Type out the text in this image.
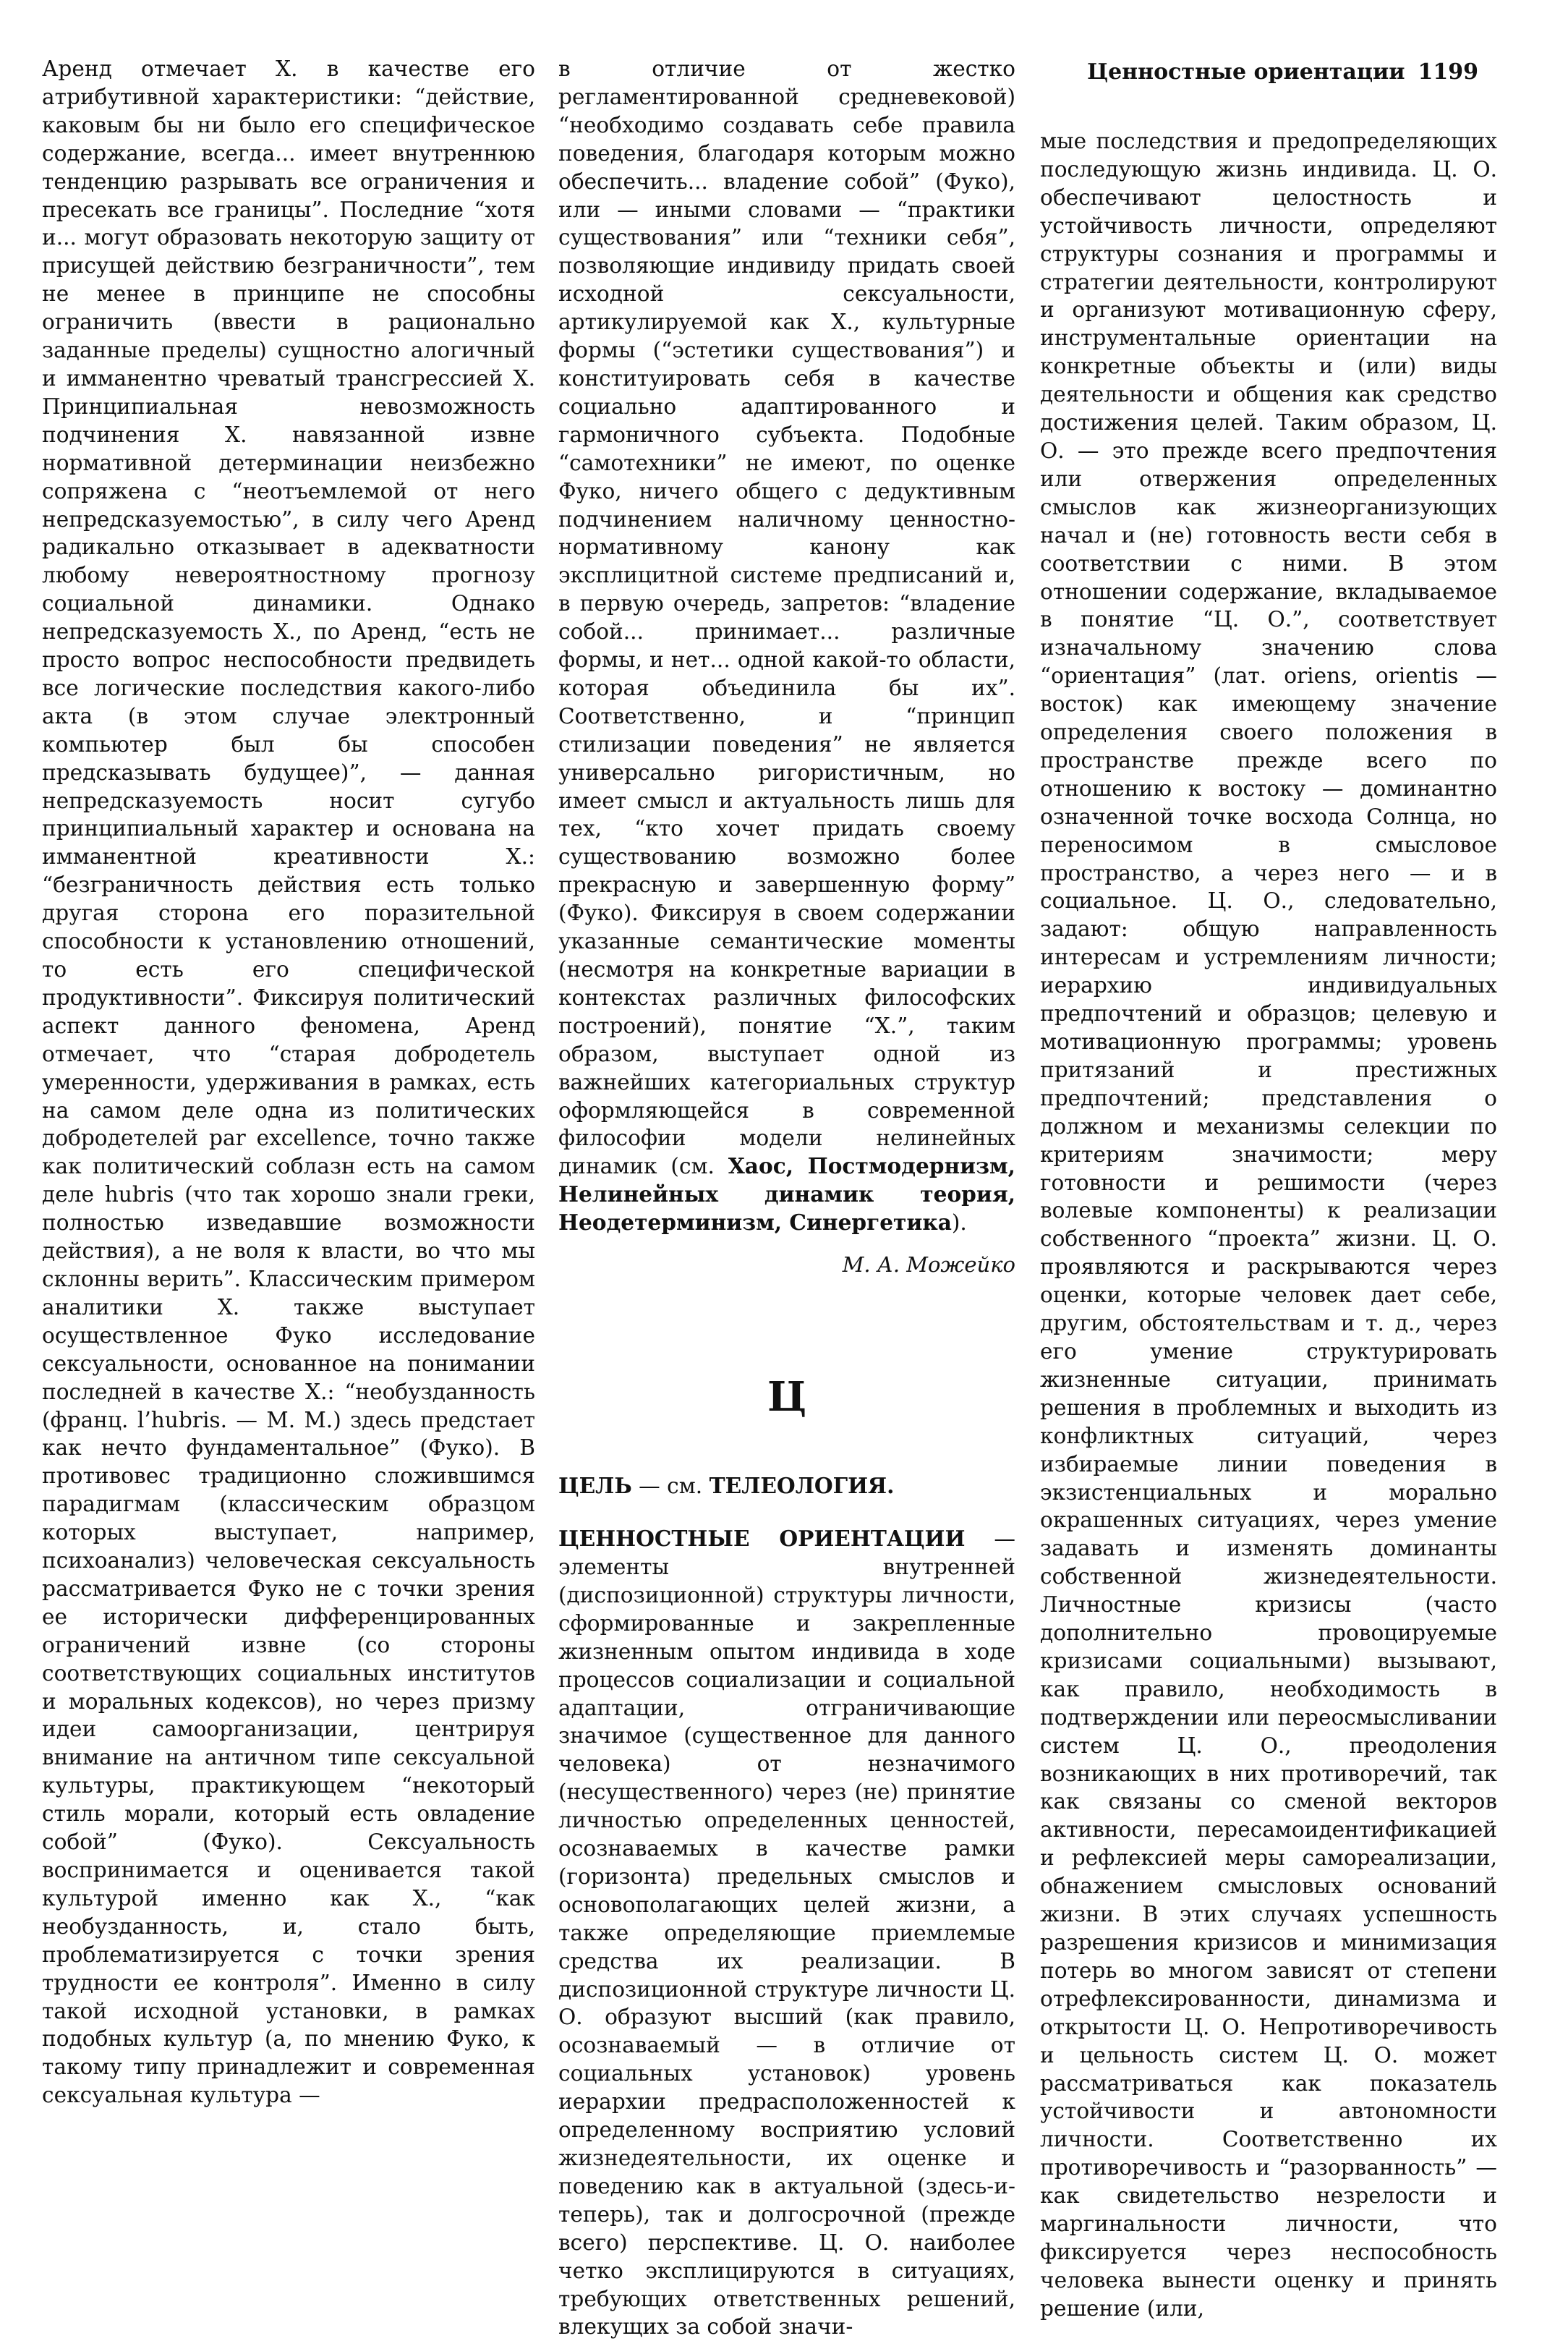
Ценностные ориентации 1199

Аренд отмечает X. в качестве его атрибутивной характеристики: “действие, каковым бы ни было его специфическое содержание, всегда... имеет внутреннюю тенденцию разрывать все ограничения и пресекать все границы”. Последние “хотя и... могут образовать некоторую защиту от присущей действию безграничности”, тем не менее в принципе не способны ограничить (ввести в рационально заданные пределы) сущностно алогичный и имманентно чреватый трансгрессией X. Принципиальная невозможность подчинения X. навязанной извне нормативной детерминации неизбежно сопряжена с “неотъемлемой от него непредсказуемостью”, в силу чего Аренд радикально отказывает в адекватности любому невероятностному прогнозу социальной динамики. Однако непредсказуемость X., по Аренд, “есть не просто вопрос неспособности предвидеть все логические последствия какого-либо акта (в этом случае электронный компьютер был бы способен предсказывать будущее)”, — данная непредсказуемость носит сугубо принципиальный характер и основана на имманентной креативности X.: “безграничность действия есть только другая сторона его поразительной способности к установлению отношений, то есть его специфической продуктивности”. Фиксируя политический аспект данного феномена, Аренд отмечает, что “старая добродетель умеренности, удерживания в рамках, есть на самом деле одна из политических добродетелей par excellence, точно также как политический соблазн есть на самом деле hubris (что так хорошо знали греки, полностью изведавшие возможности действия), а не воля к власти, во что мы склонны верить”. Классическим примером аналитики X. также выступает осуществленное Фуко исследование сексуальности, основанное на понимании последней в качестве X.: “необузданность (франц. l’hubris. — М. М.) здесь предстает как нечто фундаментальное” (Фуко). В противовес традиционно сложившимся парадигмам (классическим образцом которых выступает, например, психоанализ) человеческая сексуальность рассматривается Фуко не с точки зрения ее исторически дифференцированных ограничений извне (со стороны соответствующих социальных институтов и моральных кодексов), но через призму идеи самоорганизации, центрируя внимание на античном типе сексуальной культуры, практикующем “некоторый стиль морали, который есть овладение собой” (Фуко). Сексуальность воспринимается и оценивается такой культурой именно как X., “как необузданность, и, стало быть, проблематизируется с точки зрения трудности ее контроля”. Именно в силу такой исходной установки, в рамках подобных культур (а, по мнению Фуко, к такому типу принадлежит и современная сексуальная культура —

в отличие от жестко регламентированной средневековой) “необходимо создавать себе правила поведения, благодаря которым можно обеспечить... владение собой” (Фуко), или — иными словами — “практики существования” или “техники себя”, позволяющие индивиду придать своей исходной сексуальности, артикулируемой как X., культурные формы (“эстетики существования”) и конституировать себя в качестве социально адаптированного и гармоничного субъекта. Подобные “самотехники” не имеют, по оценке Фуко, ничего общего с дедуктивным подчинением наличному ценностно-нормативному канону как эксплицитной системе предписаний и, в первую очередь, запретов: “владение собой... принимает... различные формы, и нет... одной какой-то области, которая объединила бы их”. Соответственно, и “принцип стилизации поведения” не является универсально ригористичным, но имеет смысл и актуальность лишь для тех, “кто хочет придать своему существованию возможно более прекрасную и завершенную форму” (Фуко). Фиксируя в своем содержании указанные семантические моменты (несмотря на конкретные вариации в контекстах различных философских построений), понятие “X.”, таким образом, выступает одной из важнейших категориальных структур оформляющейся в современной философии модели нелинейных динамик (см. Хаос, Постмодернизм, Нелинейных динамик теория, Неодетерминизм, Синергетика).

М. А. Можейко

Ц

ЦЕЛЬ — см. ТЕЛЕОЛОГИЯ.

ЦЕННОСТНЫЕ ОРИЕНТАЦИИ — элементы внутренней (диспозиционной) структуры личности, сформированные и закрепленные жизненным опытом индивида в ходе процессов социализации и социальной адаптации, отграничивающие значимое (существенное для данного человека) от незначимого (несущественного) через (не) принятие личностью определенных ценностей, осознаваемых в качестве рамки (горизонта) предельных смыслов и основополагающих целей жизни, а также определяющие приемлемые средства их реализации. В диспозиционной структуре личности Ц. О. образуют высший (как правило, осознаваемый — в отличие от социальных установок) уровень иерархии предрасположенностей к определенному восприятию условий жизнедеятельности, их оценке и поведению как в актуальной (здесь-и-теперь), так и долгосрочной (прежде всего) перспективе. Ц. О. наиболее четко эксплицируются в ситуациях, требующих ответственных решений, влекущих за собой значи-

мые последствия и предопределяющих последующую жизнь индивида. Ц. О. обеспечивают целостность и устойчивость личности, определяют структуры сознания и программы и стратегии деятельности, контролируют и организуют мотивационную сферу, инструментальные ориентации на конкретные объекты и (или) виды деятельности и общения как средство достижения целей. Таким образом, Ц. О. — это прежде всего предпочтения или отвержения определенных смыслов как жизнеорганизующих начал и (не) готовность вести себя в соответствии с ними. В этом отношении содержание, вкладываемое в понятие “Ц. О.”, соответствует изначальному значению слова “ориентация” (лат. oriens, orientis — восток) как имеющему значение определения своего положения в пространстве прежде всего по отношению к востоку — доминантно означенной точке восхода Солнца, но переносимом в смысловое пространство, а через него — и в социальное. Ц. О., следовательно, задают: общую направленность интересам и устремлениям личности; иерархию индивидуальных предпочтений и образцов; целевую и мотивационную программы; уровень притязаний и престижных предпочтений; представления о должном и механизмы селекции по критериям значимости; меру готовности и решимости (через волевые компоненты) к реализации собственного “проекта” жизни. Ц. О. проявляются и раскрываются через оценки, которые человек дает себе, другим, обстоятельствам и т. д., через его умение структурировать жизненные ситуации, принимать решения в проблемных и выходить из конфликтных ситуаций, через избираемые линии поведения в экзистенциальных и морально окрашенных ситуациях, через умение задавать и изменять доминанты собственной жизнедеятельности. Личностные кризисы (часто дополнительно провоцируемые кризисами социальными) вызывают, как правило, необходимость в подтверждении или переосмысливании систем Ц. О., преодоления возникающих в них противоречий, так как связаны со сменой векторов активности, пересамоидентификацией и рефлексией меры самореализации, обнажением смысловых оснований жизни. В этих случаях успешность разрешения кризисов и минимизация потерь во многом зависят от степени отрефлексированности, динамизма и открытости Ц. О. Непротиворечивость и цельность систем Ц. О. может рассматриваться как показатель устойчивости и автономности личности. Соответственно их противоречивость и “разорванность” — как свидетельство незрелости и маргинальности личности, что фиксируется через неспособность человека вынести оценку и принять решение (или,
